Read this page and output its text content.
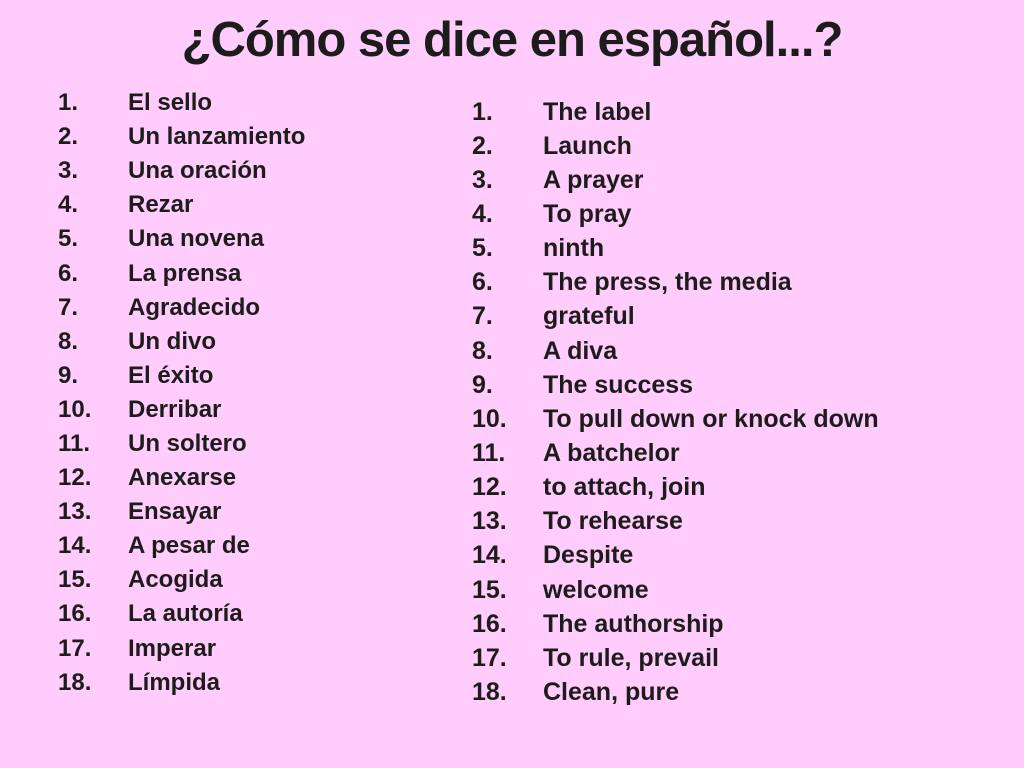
¿Cómo se dice en español...?
1.	El sello
2.	Un lanzamiento
3.	Una oración
4.	Rezar
5.	Una novena
6.	La prensa
7.	Agradecido
8.	Un divo
9.	El éxito
10.	Derribar
11.	Un soltero
12.	Anexarse
13.	Ensayar
14.	A pesar de
15.	Acogida
16.	La autoría
17.	Imperar
18.	Límpida
1.	The label
2.	Launch
3.	A prayer
4.	To pray
5.	ninth
6.	The press, the media
7.	grateful
8.	A diva
9.	The success
10.	To pull down or knock down
11.	A batchelor
12.	to attach, join
13.	To rehearse
14.	Despite
15.	welcome
16.	The authorship
17.	To rule, prevail
18.	Clean, pure
